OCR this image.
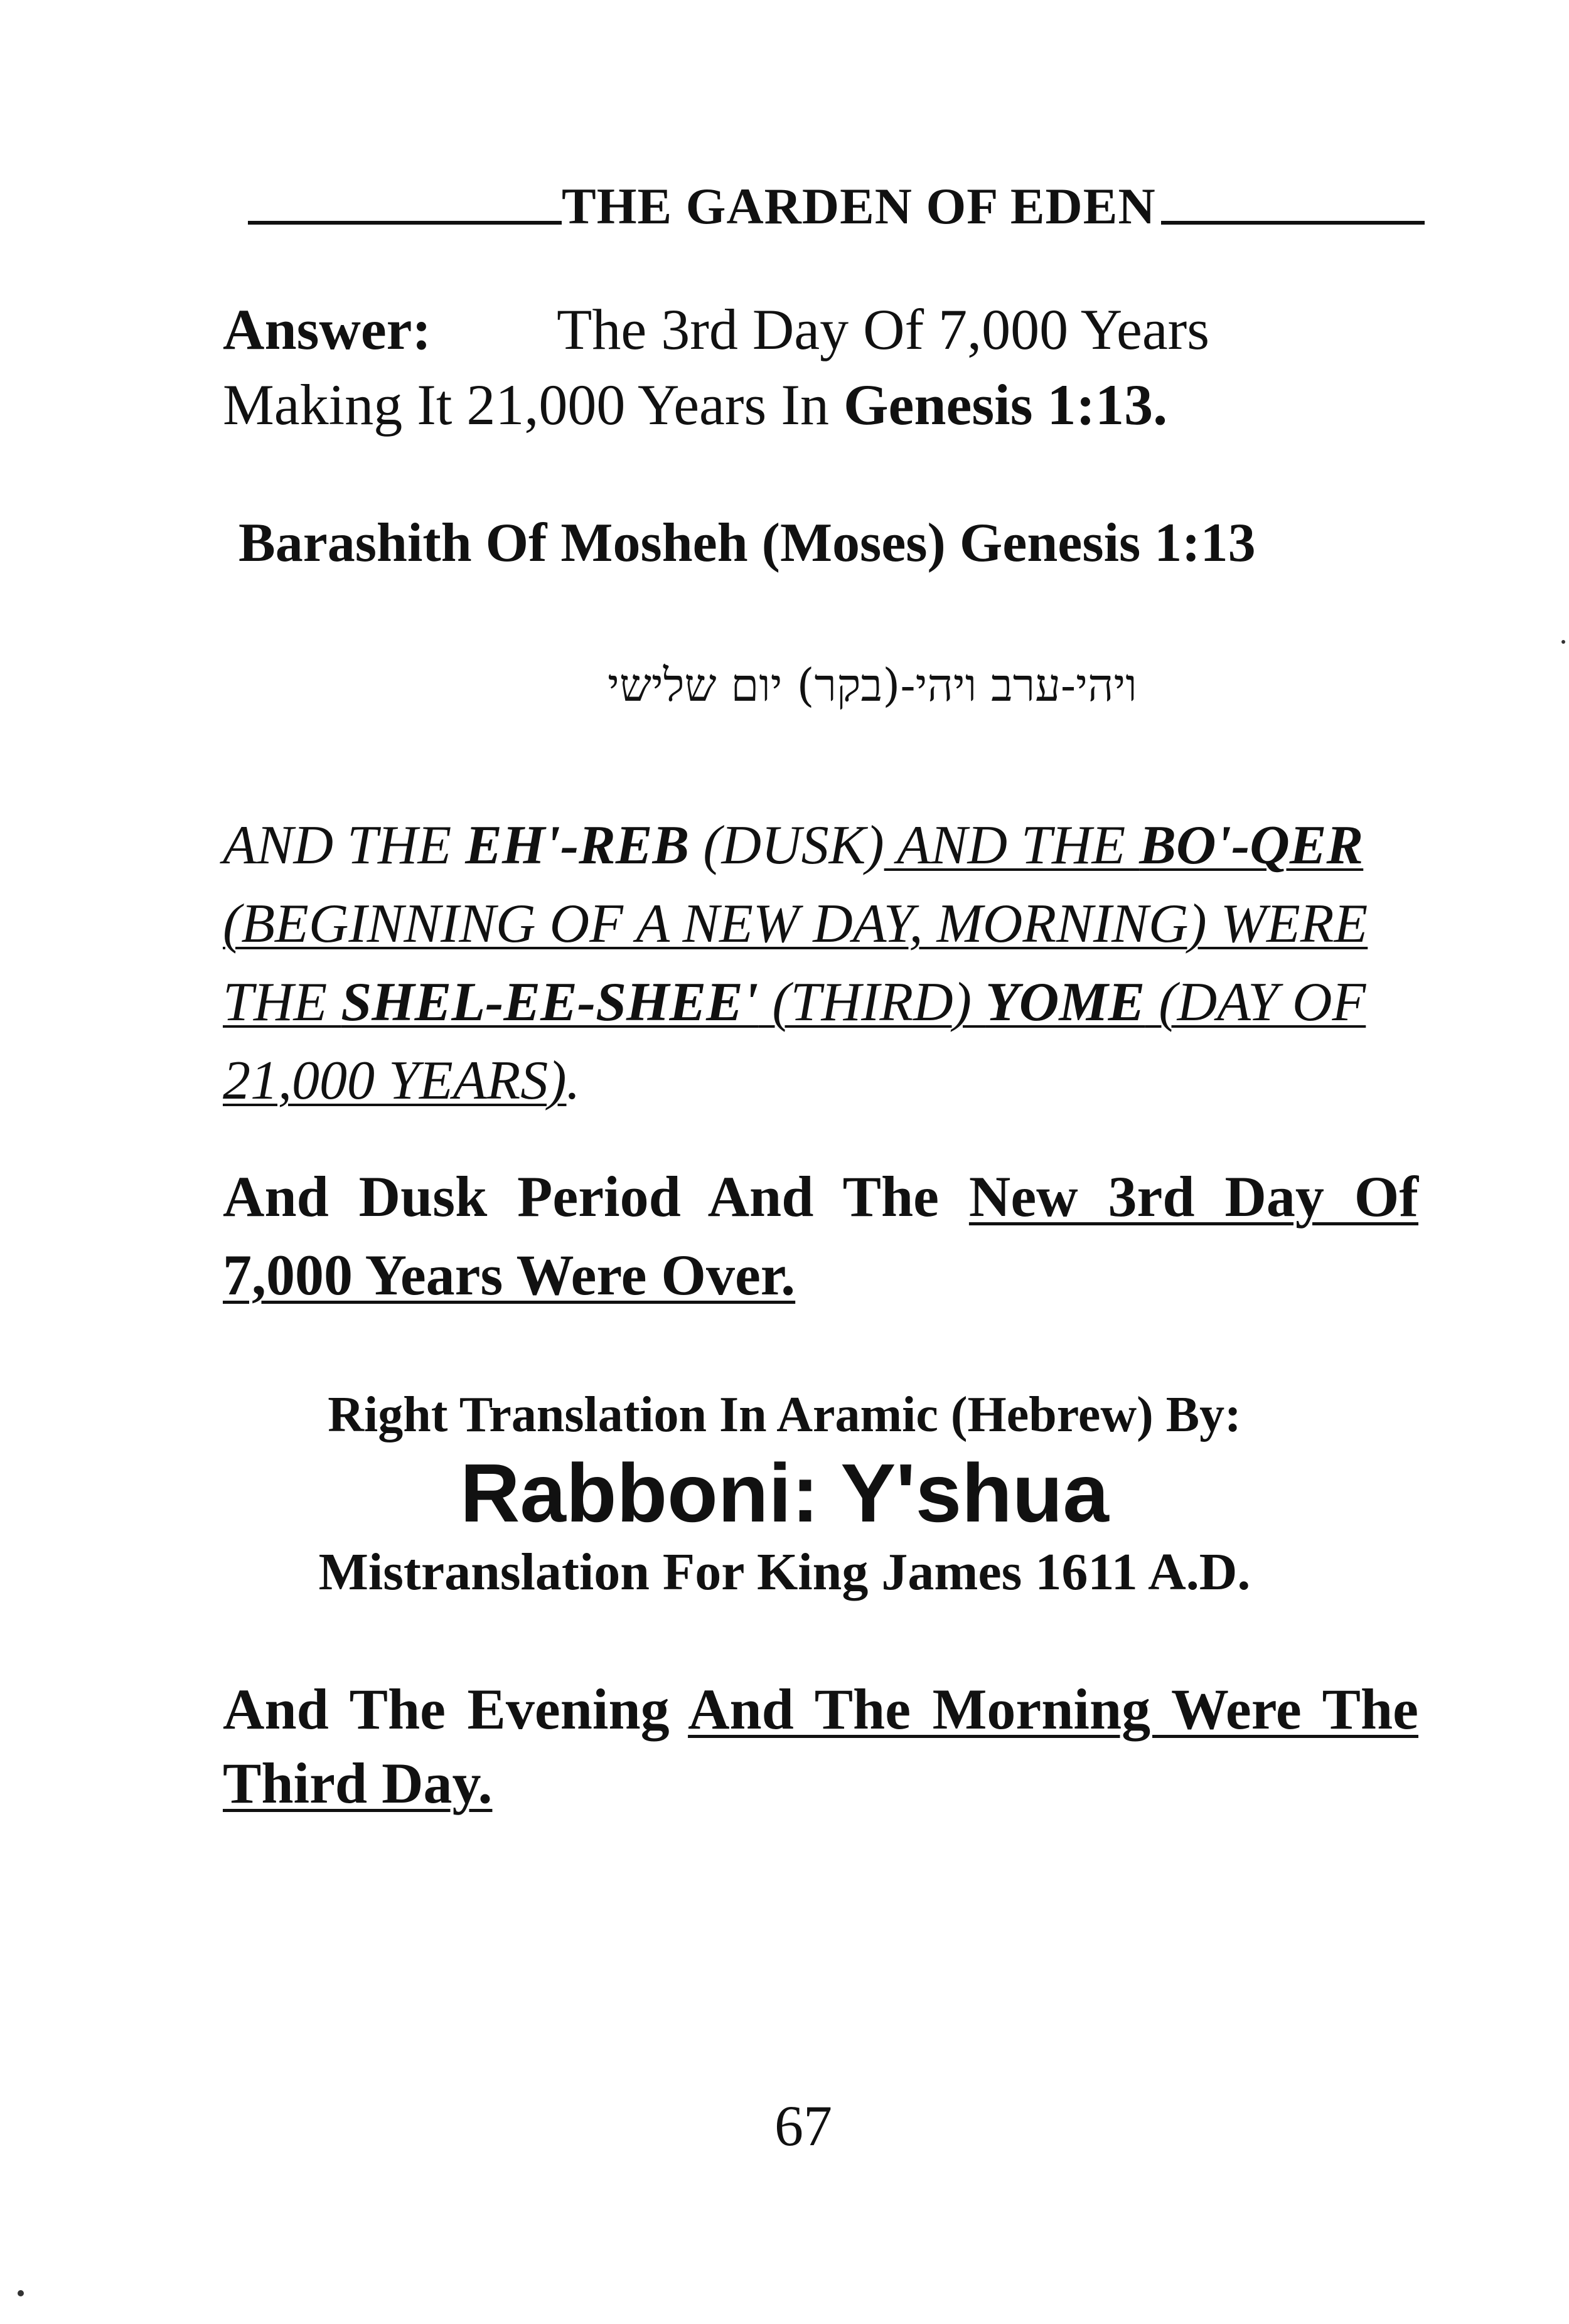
THE GARDEN OF EDEN
Answer: The 3rd Day Of 7,000 Years
Making It 21,000 Years In Genesis 1:13.
Barashith Of Mosheh (Moses) Genesis 1:13
ויהי-ערב ויהי-(בקר) יום שלישי
AND THE EH'-REB (DUSK) AND THE BO'-QER
(BEGINNING OF A NEW DAY, MORNING) WERE
THE SHEL-EE-SHEE' (THIRD) YOME (DAY OF
21,000 YEARS).
And Dusk Period And The New 3rd Day Of 7,000 Years Were Over.
Right Translation In Aramic (Hebrew) By:
Rabboni: Y'shua
Mistranslation For King James 1611 A.D.
And The Evening And The Morning Were The Third Day.
67
